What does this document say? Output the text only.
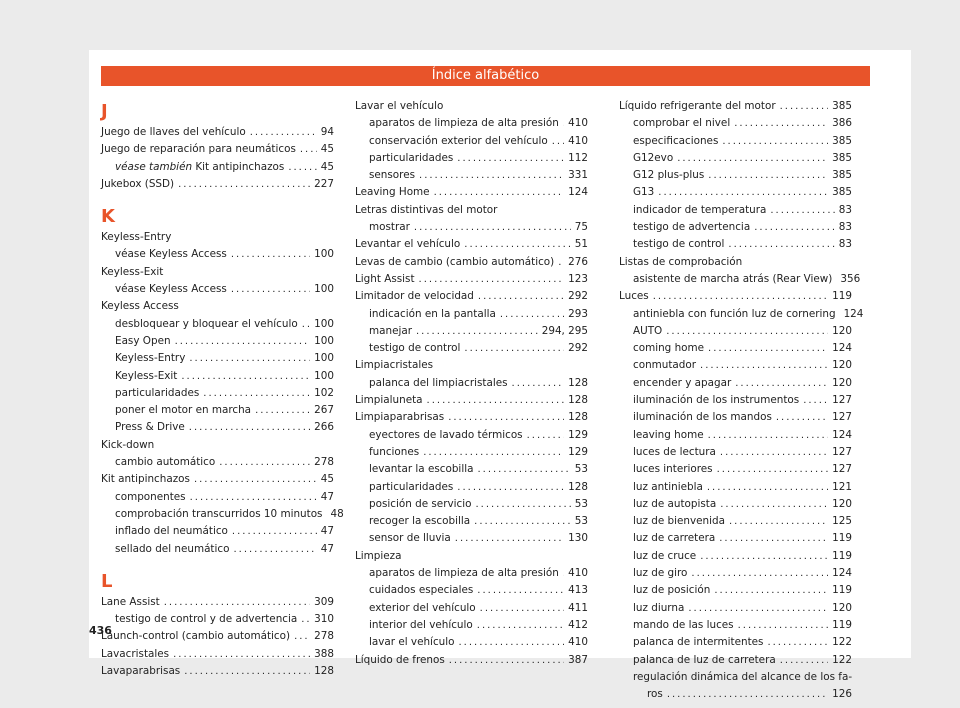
Índice alfabético
J
Juego de llaves del vehículo .....	94
Juego de reparación para neumáticos ..... 45
véase también Kit antipinchazos .....	45
Jukebox (SSD) .....	227
K
Keyless-Entry
véase Keyless Access .....	100
Keyless-Exit
véase Keyless Access .....	100
Keyless Access
desbloquear y bloquear el vehículo ..... 100
Easy Open .....	100
Keyless-Entry .....	100
Keyless-Exit .....	100
particularidades .....	102
poner el motor en marcha .....	267
Press & Drive .....	266
Kick-down
cambio automático .....	278
Kit antipinchazos .....	45
componentes .....	47
comprobación transcurridos 10 minutos 48
inflado del neumático .....	47
sellado del neumático .....	47
L
Lane Assist .....	309
testigo de control y de advertencia ..... 310
Launch-control (cambio automático) ..... 278
Lavacristales .....	388
Lavaparabrisas .....	128
Lavar el vehículo
aparatos de limpieza de alta presión ..... 410
conservación exterior del vehículo ..... 410
particularidades .....	112
sensores .....	331
Leaving Home .....	124
Letras distintivas del motor
mostrar .....	75
Levantar el vehículo .....	51
Levas de cambio (cambio automático) ..... 276
Light Assist .....	123
Limitador de velocidad .....	292
indicación en la pantalla .....	293
manejar .....	294, 295
testigo de control .....	292
Limpiacristales
palanca del limpiacristales .....	128
Limpialuneta .....	128
Limpiaparabrisas .....	128
eyectores de lavado térmicos .....	129
funciones .....	129
levantar la escobilla .....	53
particularidades .....	128
posición de servicio .....	53
recoger la escobilla .....	53
sensor de lluvia .....	130
Limpieza
aparatos de limpieza de alta presión ..... 410
cuidados especiales .....	413
exterior del vehículo .....	411
interior del vehículo .....	412
lavar el vehículo .....	410
Líquido de frenos .....	387
Líquido refrigerante del motor .....	385
comprobar el nivel .....	386
especificaciones .....	385
G12evo .....	385
G12 plus-plus .....	385
G13 .....	385
indicador de temperatura .....	83
testigo de advertencia .....	83
testigo de control .....	83
Listas de comprobación
asistente de marcha atrás (Rear View) 356
Luces .....	119
antiniebla con función luz de cornering 124
AUTO .....	120
coming home .....	124
conmutador .....	120
encender y apagar .....	120
iluminación de los instrumentos .....	127
iluminación de los mandos .....	127
leaving home .....	124
luces de lectura .....	127
luces interiores .....	127
luz antiniebla .....	121
luz de autopista .....	120
luz de bienvenida .....	125
luz de carretera .....	119
luz de cruce .....	119
luz de giro .....	124
luz de posición .....	119
luz diurna .....	120
mando de las luces .....	119
palanca de intermitentes .....	122
palanca de luz de carretera .....	122
regulación dinámica del alcance de los fa-
ros .....	126
436
